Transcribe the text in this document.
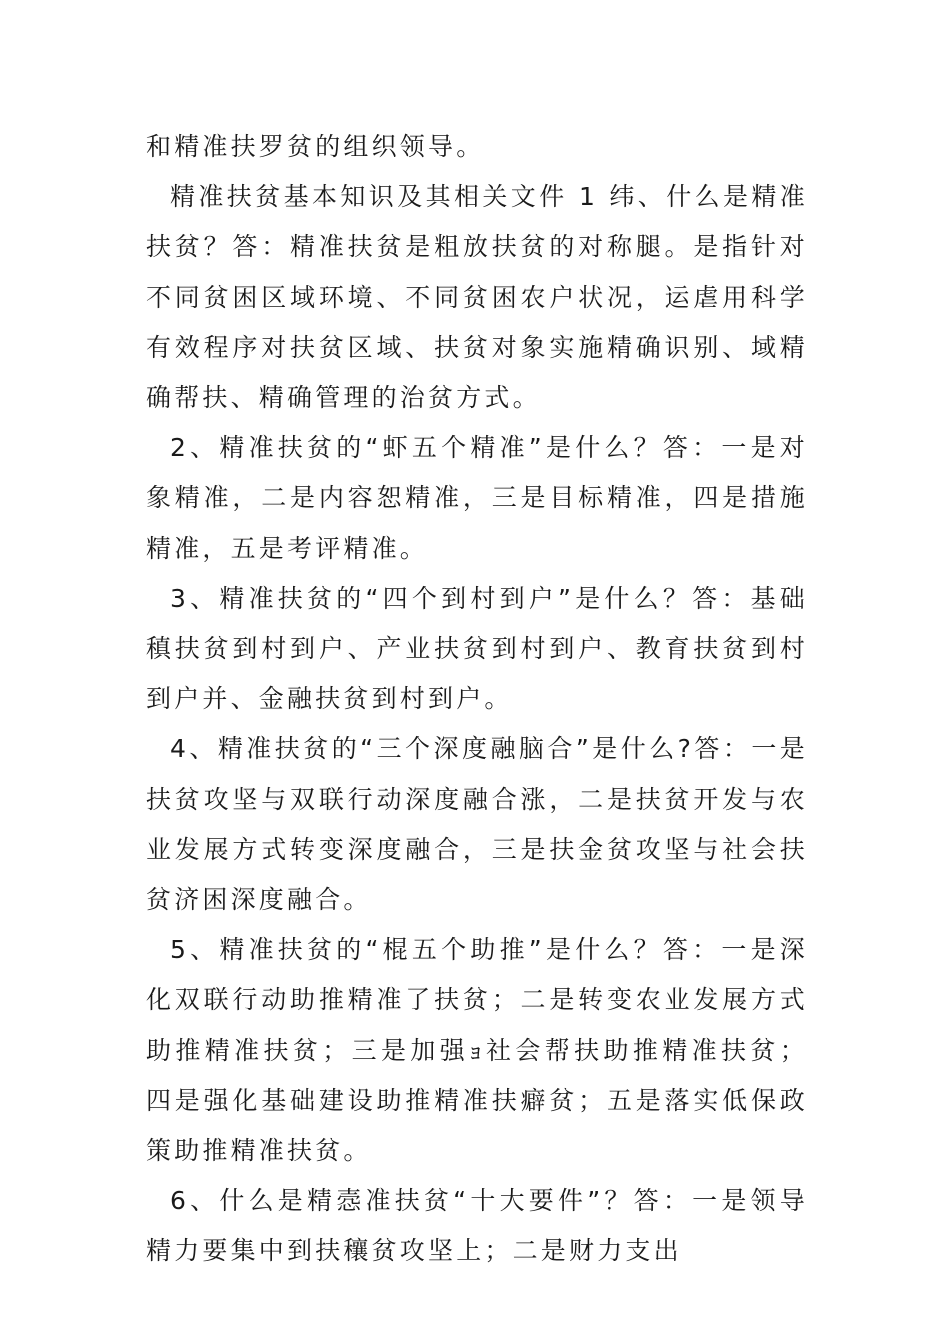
和精准扶罗贫的组织领导。

精准扶贫基本知识及其相关文件 1 纬、什么是精准扶贫？答：精准扶贫是粗放扶贫的对称腿。是指针对不同贫困区域环境、不同贫困农户状况，运虐用科学有效程序对扶贫区域、扶贫对象实施精确识别、域精确帮扶、精确管理的治贫方式。

2、精准扶贫的“虾五个精准”是什么？答：一是对象精准，二是内容恕精准，三是目标精准，四是措施精准，五是考评精准。

3、精准扶贫的“四个到村到户”是什么？答：基础稹扶贫到村到户、产业扶贫到村到户、教育扶贫到村到户并、金融扶贫到村到户。

4、精准扶贫的“三个深度融脑合”是什么?答：一是扶贫攻坚与双联行动深度融合涨，二是扶贫开发与农业发展方式转变深度融合，三是扶金贫攻坚与社会扶贫济困深度融合。

5、精准扶贫的“棍五个助推”是什么？答：一是深化双联行动助推精准了扶贫；二是转变农业发展方式助推精准扶贫；三是加强ｮ社会帮扶助推精准扶贫；四是强化基础建设助推精准扶癖贫；五是落实低保政策助推精准扶贫。

6、什么是精悫准扶贫“十大要件”？答：一是领导精力要集中到扶穰贫攻坚上；二是财力支出
